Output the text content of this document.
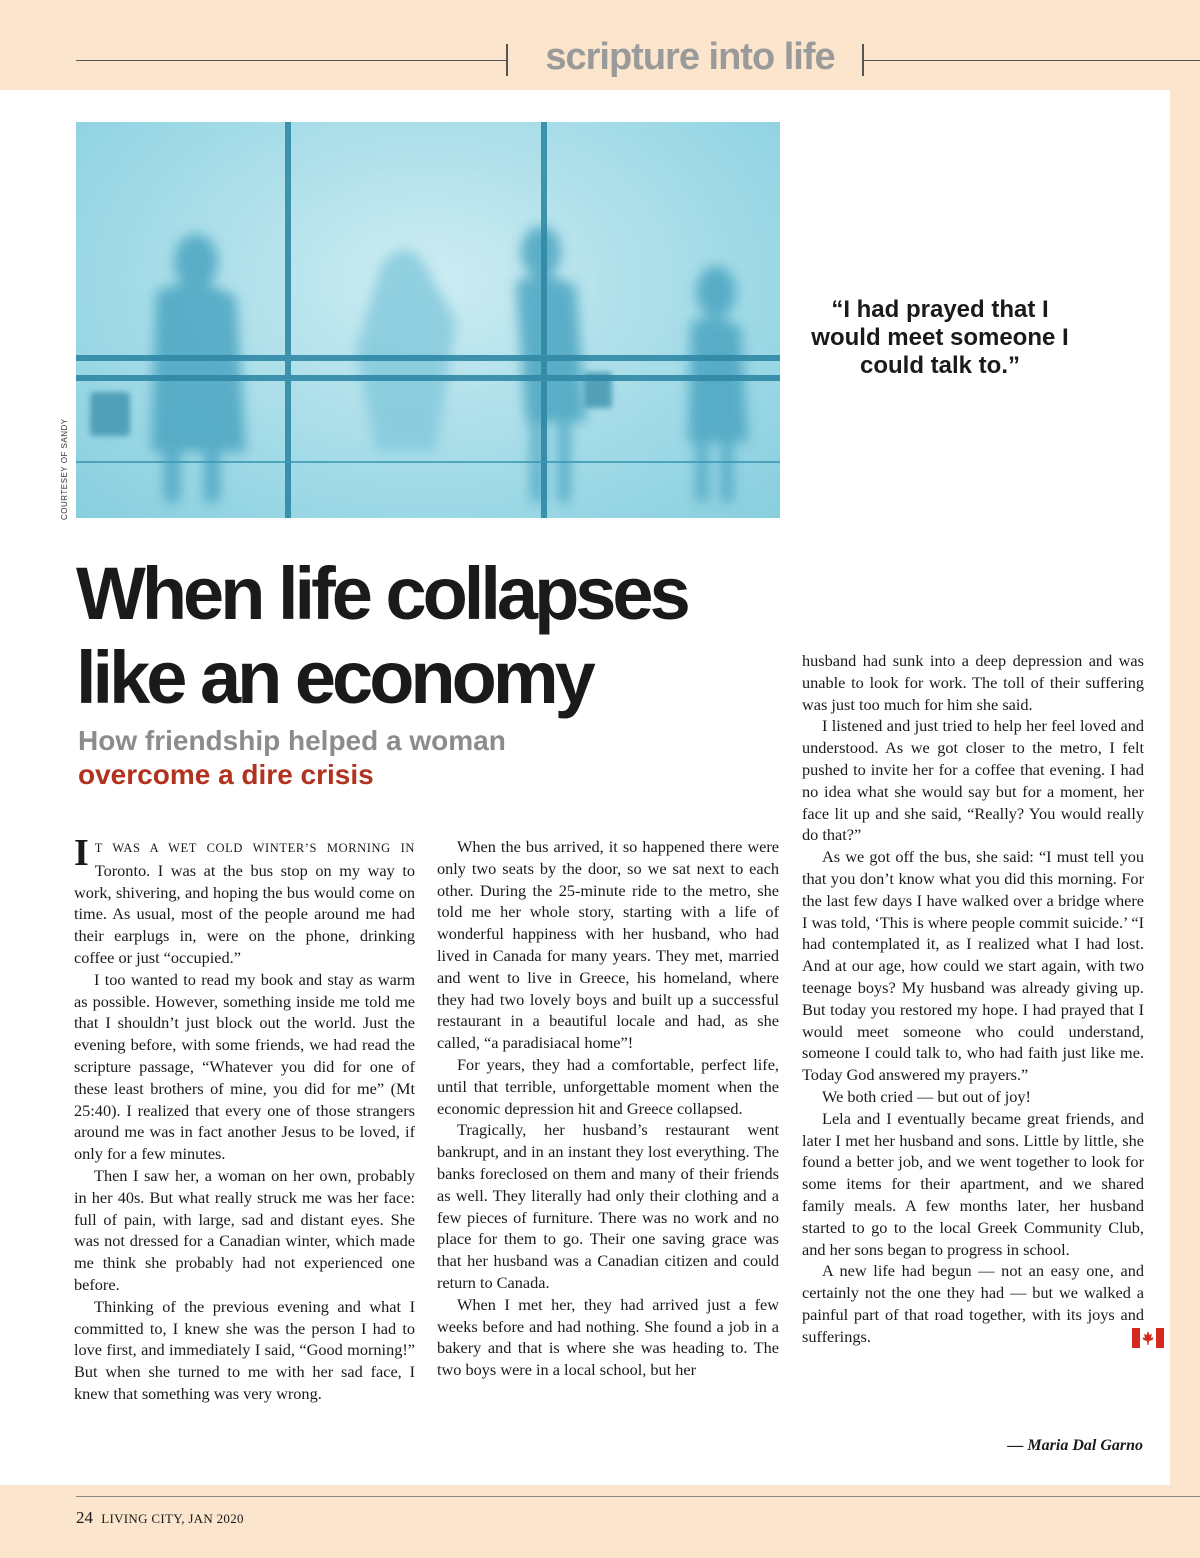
scripture into life
COURTESEY OF SANDY
“I had prayed that I would meet someone I could talk to.”
When life collapses
like an economy
How friendship helped a woman
overcome a dire crisis

I T WAS A WET COLD WINTER’S MORNING IN Toronto. I was at the bus stop on my way to work, shivering, and hoping the bus would come on time. As usual, most of the people around me had their earplugs in, were on the phone, drinking coffee or just “occupied.”

I too wanted to read my book and stay as warm as possible. However, something inside me told me that I shouldn’t just block out the world. Just the evening before, with some friends, we had read the scripture passage, “Whatever you did for one of these least brothers of mine, you did for me” (Mt 25:40). I realized that every one of those strangers around me was in fact another Jesus to be loved, if only for a few minutes.

Then I saw her, a woman on her own, probably in her 40s. But what really struck me was her face: full of pain, with large, sad and distant eyes. She was not dressed for a Canadian winter, which made me think she probably had not experienced one before.

Thinking of the previous evening and what I committed to, I knew she was the person I had to love first, and immediately I said, “Good morning!” But when she turned to me with her sad face, I knew that something was very wrong.

When the bus arrived, it so happened there were only two seats by the door, so we sat next to each other. During the 25-minute ride to the metro, she told me her whole story, starting with a life of wonderful happiness with her husband, who had lived in Canada for many years. They met, married and went to live in Greece, his homeland, where they had two lovely boys and built up a successful restaurant in a beautiful locale and had, as she called, “a paradisiacal home”!

For years, they had a comfortable, perfect life, until that terrible, unforgettable moment when the economic depression hit and Greece collapsed.

Tragically, her husband’s restaurant went bankrupt, and in an instant they lost everything. The banks foreclosed on them and many of their friends as well. They literally had only their clothing and a few pieces of furniture. There was no work and no place for them to go. Their one saving grace was that her husband was a Canadian citizen and could return to Canada.

When I met her, they had arrived just a few weeks before and had nothing. She found a job in a bakery and that is where she was heading to. The two boys were in a local school, but her

husband had sunk into a deep depression and was unable to look for work. The toll of their suffering was just too much for him she said.

I listened and just tried to help her feel loved and understood. As we got closer to the metro, I felt pushed to invite her for a coffee that evening. I had no idea what she would say but for a moment, her face lit up and she said, “Really? You would really do that?”

As we got off the bus, she said: “I must tell you that you don’t know what you did this morning. For the last few days I have walked over a bridge where I was told, ‘This is where people commit suicide.’ “I had contemplated it, as I realized what I had lost. And at our age, how could we start again, with two teenage boys? My husband was already giving up. But today you restored my hope. I had prayed that I would meet someone who could understand, someone I could talk to, who had faith just like me. Today God answered my prayers.”

We both cried — but out of joy!

Lela and I eventually became great friends, and later I met her husband and sons. Little by little, she found a better job, and we went together to look for some items for their apartment, and we shared family meals. A few months later, her husband started to go to the local Greek Community Club, and her sons began to progress in school.

A new life had begun — not an easy one, and certainly not the one they had — but we walked a painful part of that road together, with its joys and sufferings.

— Maria Dal Garno
24 LIVING CITY, JAN 2020
